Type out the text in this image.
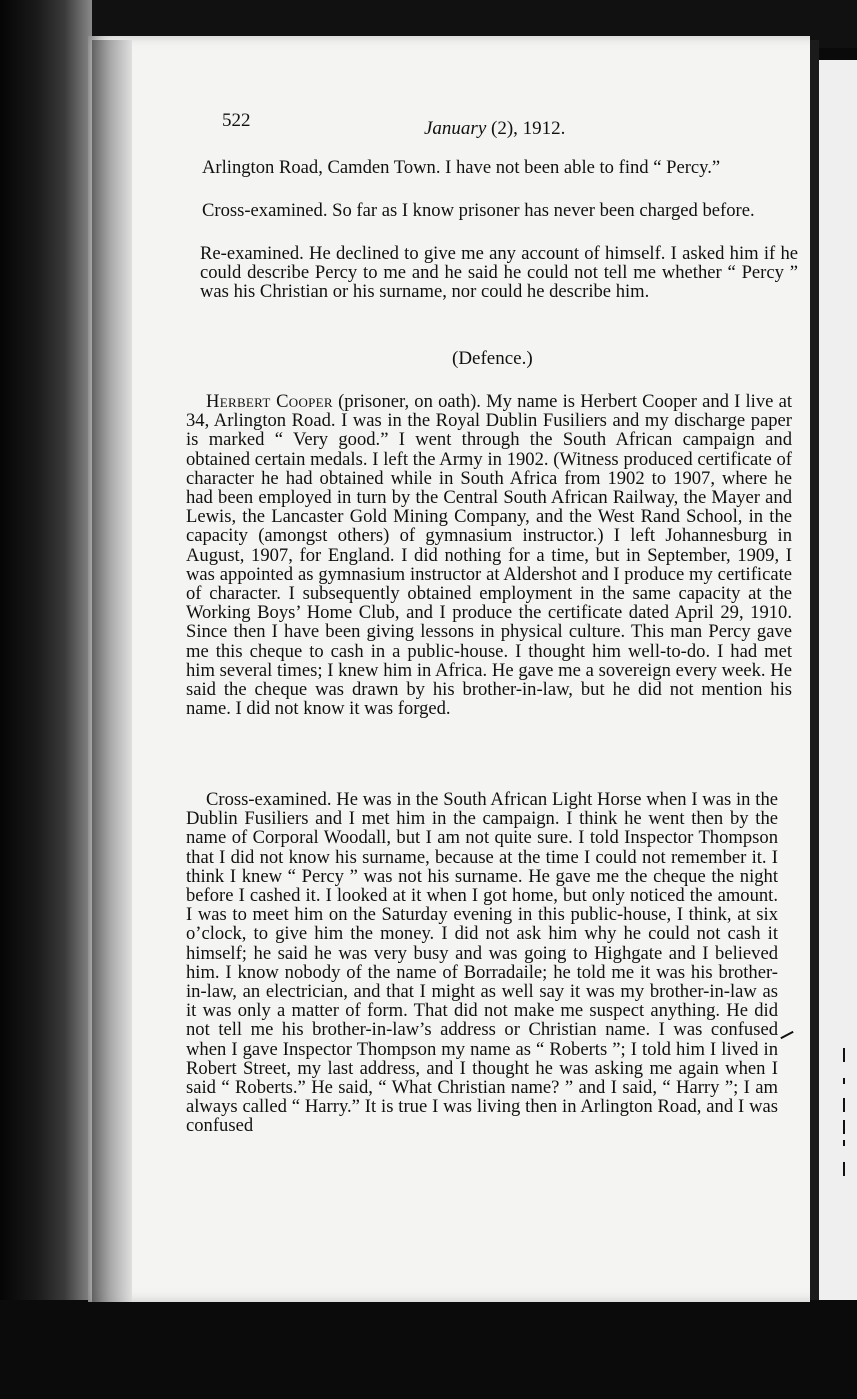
522	January (2), 1912.

Arlington Road, Camden Town. I have not been able to find “ Percy.”

Cross-examined. So far as I know prisoner has never been charged before.

Re-examined. He declined to give me any account of himself. I asked him if he could describe Percy to me and he said he could not tell me whether “ Percy ” was his Christian or his surname, nor could he describe him.

(Defence.)

Herbert Cooper (prisoner, on oath). My name is Herbert Cooper and I live at 34, Arlington Road. I was in the Royal Dublin Fusiliers and my discharge paper is marked “ Very good.” I went through the South African campaign and obtained certain medals. I left the Army in 1902. (Witness produced certificate of character he had obtained while in South Africa from 1902 to 1907, where he had been employed in turn by the Central South African Railway, the Mayer and Lewis, the Lancaster Gold Mining Company, and the West Rand School, in the capacity (amongst others) of gymnasium instructor.) I left Johannesburg in August, 1907, for England. I did nothing for a time, but in September, 1909, I was appointed as gymnasium instructor at Aldershot and I produce my certificate of character. I subsequently obtained employment in the same capacity at the Working Boys’ Home Club, and I produce the certificate dated April 29, 1910. Since then I have been giving lessons in physical culture. This man Percy gave me this cheque to cash in a public-house. I thought him well-to-do. I had met him several times; I knew him in Africa. He gave me a sovereign every week. He said the cheque was drawn by his brother-in-law, but he did not mention his name. I did not know it was forged.

Cross-examined. He was in the South African Light Horse when I was in the Dublin Fusiliers and I met him in the campaign. I think he went then by the name of Corporal Woodall, but I am not quite sure. I told Inspector Thompson that I did not know his surname, because at the time I could not remember it. I think I knew “ Percy ” was not his surname. He gave me the cheque the night before I cashed it. I looked at it when I got home, but only noticed the amount. I was to meet him on the Saturday evening in this public-house, I think, at six o’clock, to give him the money. I did not ask him why he could not cash it himself; he said he was very busy and was going to Highgate and I believed him. I know nobody of the name of Borradaile; he told me it was his brother-in-law, an electrician, and that I might as well say it was my brother-in-law as it was only a matter of form. That did not make me suspect anything. He did not tell me his brother-in-law’s address or Christian name. I was confused when I gave Inspector Thompson my name as “ Roberts ”; I told him I lived in Robert Street, my last address, and I thought he was asking me again when I said “ Roberts.” He said, “ What Christian name? ” and I said, “ Harry ”; I am always called “ Harry.” It is true I was living then in Arlington Road, and I was confused
